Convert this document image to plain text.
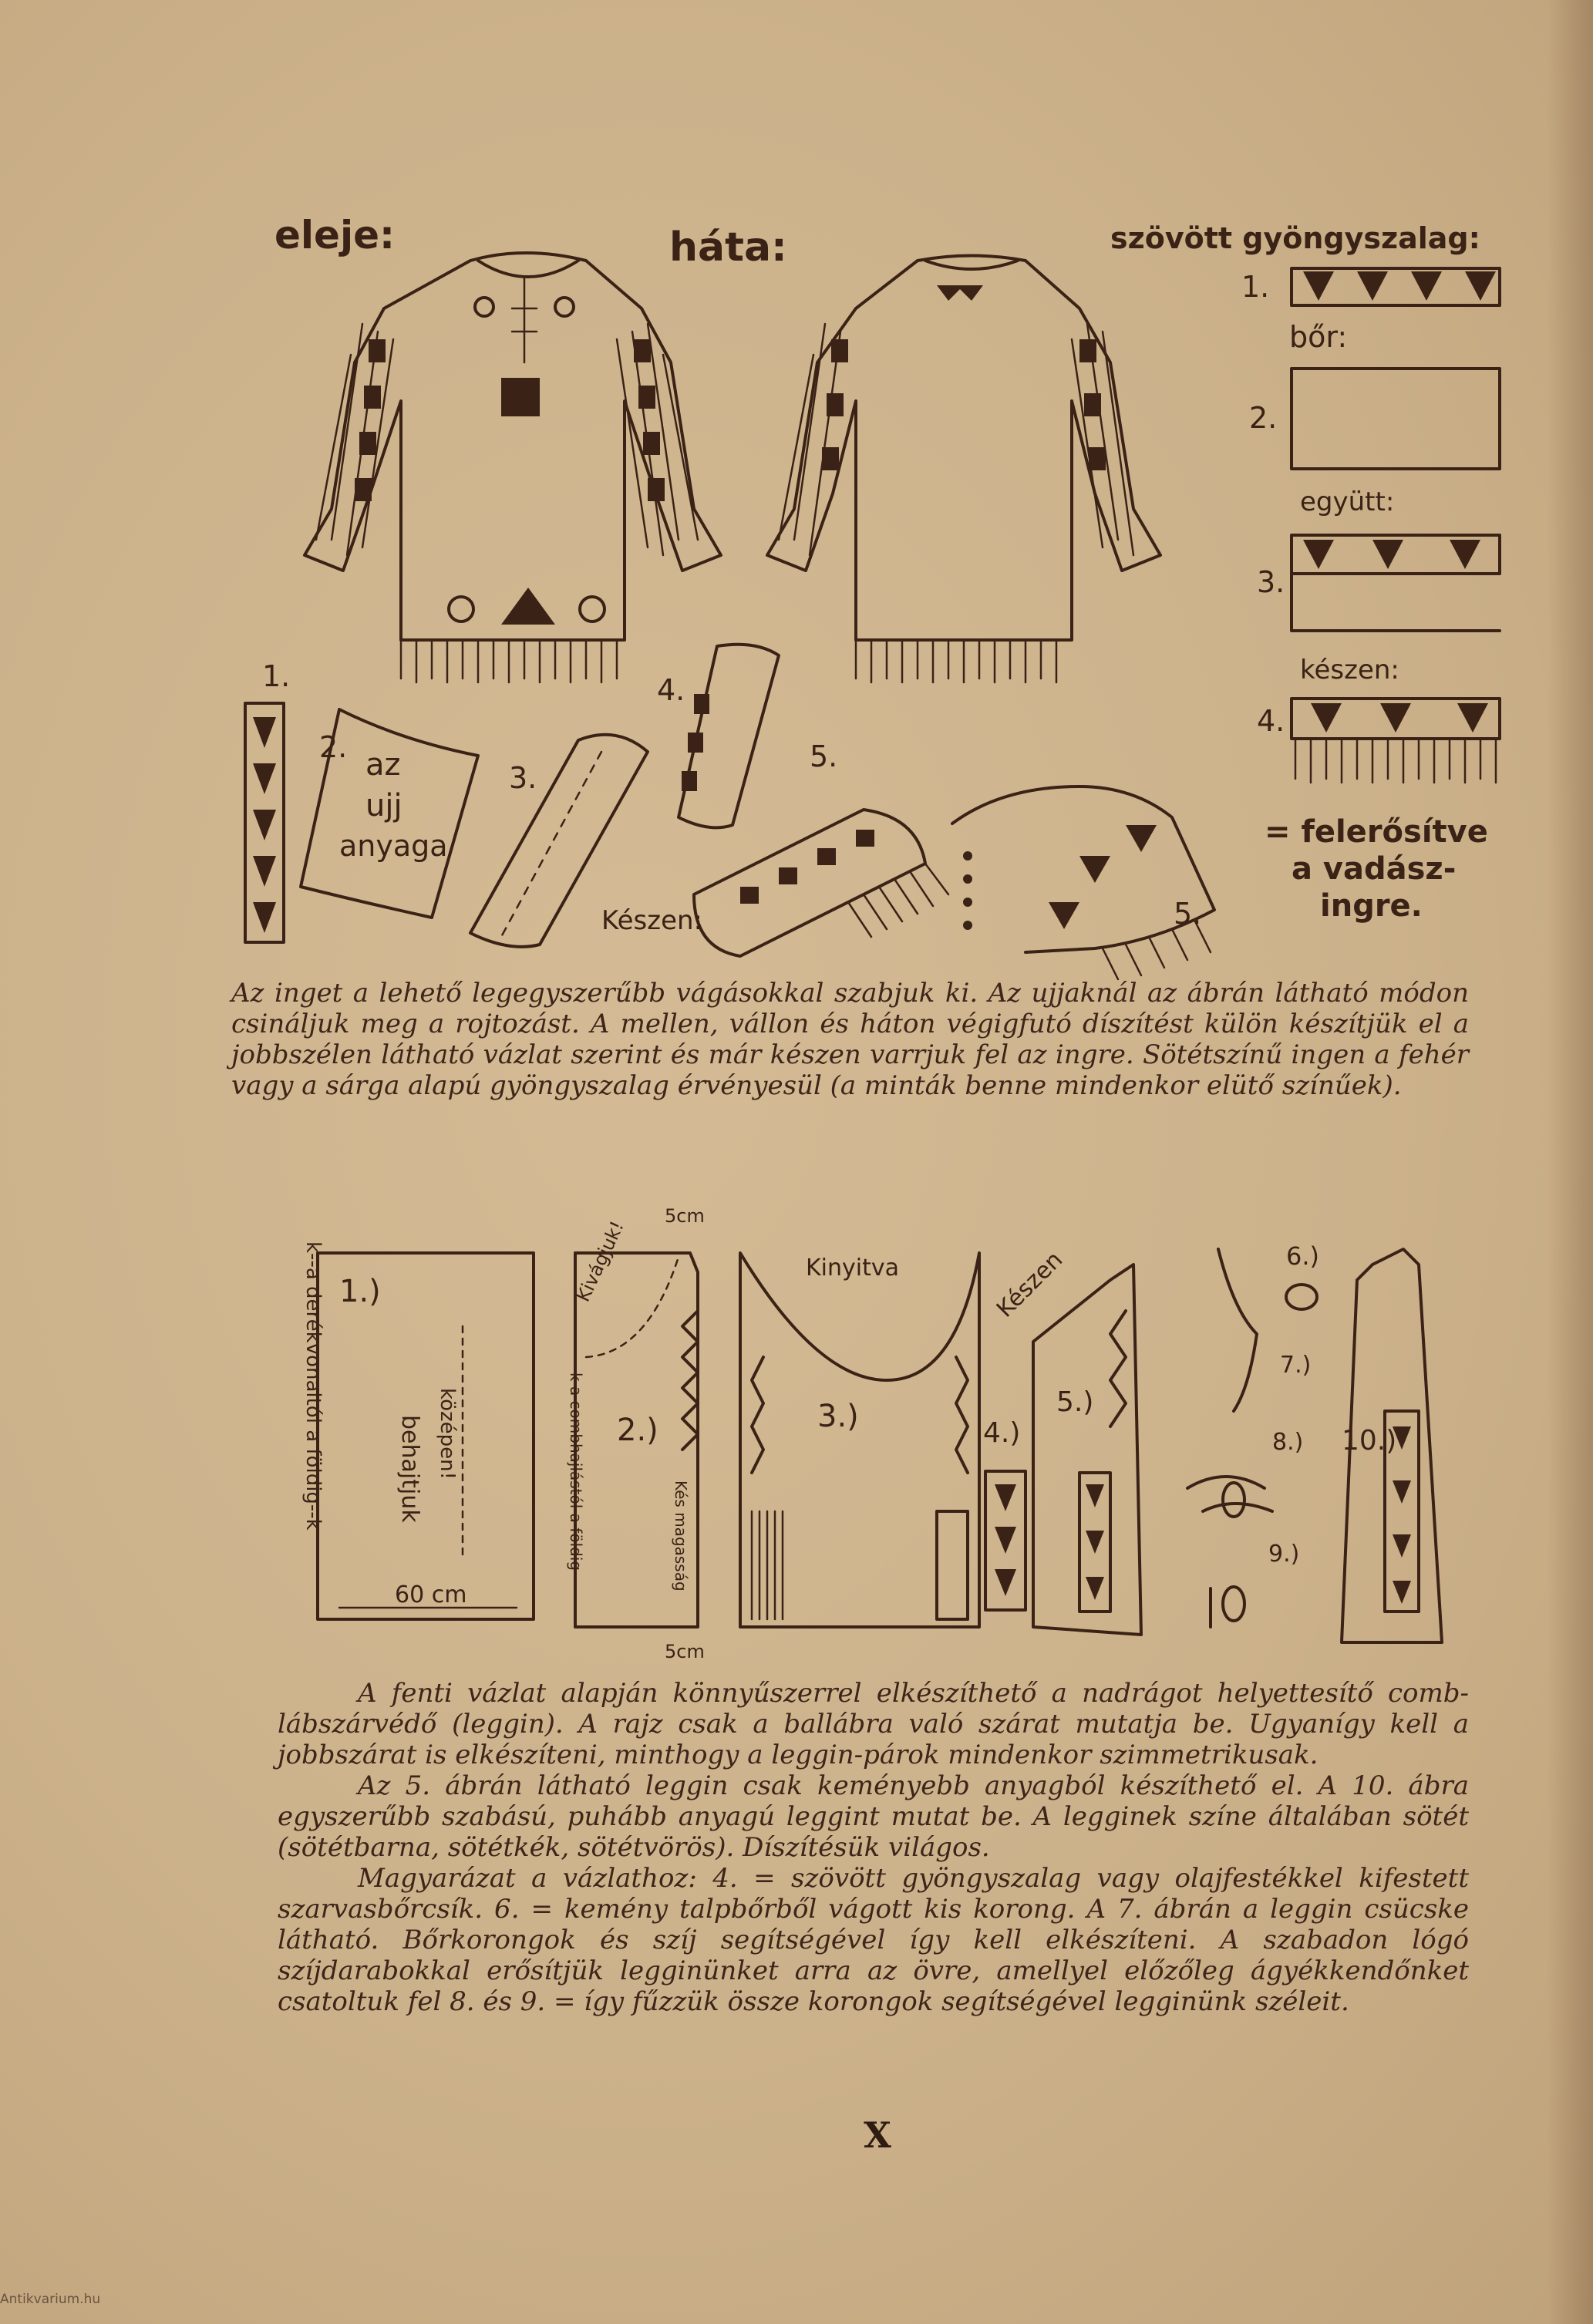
eleje:	háta:	szövött gyöngyszalag:
1.
bőr:
2.
együtt:
3.
készen:
4.
= felerősítve
a vadász-
ingre.
1.
2. az
ujj
anyaga
3.
4.
5.
Készen:	5.
k--a derékvonaltól a földig--k 1.)
behajtjuk középen!
60 cm
5cm
Kivágjuk!
2.)
k a combhajlástól a földig	Kés magasság
5cm
Kinyitva
3.)	4.)
Készen
5.)
6.)
7.)
8.)
9.)
10.)

Az inget a lehető legegyszerűbb vágásokkal szabjuk ki. Az ujjaknál az ábrán látható módon csináljuk meg a rojtozást. A mellen, vállon és háton végigfutó díszítést külön készítjük el a jobbszélen látható vázlat szerint és már készen varrjuk fel az ingre. Sötétszínű ingen a fehér vagy a sárga alapú gyöngyszalag érvényesül (a minták benne mindenkor elütő színűek).

A fenti vázlat alapján könnyűszerrel elkészíthető a nadrágot helyettesítő comb- lábszárvédő (leggin). A rajz csak a ballábra való szárat mutatja be. Ugyanígy kell a jobbszárat is elkészíteni, minthogy a leggin-párok mindenkor szimmetrikusak.

Az 5. ábrán látható leggin csak keményebb anyagból készíthető el. A 10. ábra egyszerűbb szabású, puhább anyagú leggint mutat be. A legginek színe általában sötét (sötétbarna, sötétkék, sötétvörös). Díszítésük világos.

Magyarázat a vázlathoz: 4. = szövött gyöngyszalag vagy olajfestékkel kifestett szarvasbőrcsík. 6. = kemény talpbőrből vágott kis korong. A 7. ábrán a leggin csücske látható. Bőrkorongok és szíj segítségével így kell elkészíteni. A szabadon lógó szíjdarabokkal erősítjük legginünket arra az övre, amellyel előzőleg ágyékkendőnket csatoltuk fel 8. és 9. = így fűzzük össze korongok segítségével legginünk széleit.

X
Antikvarium.hu
